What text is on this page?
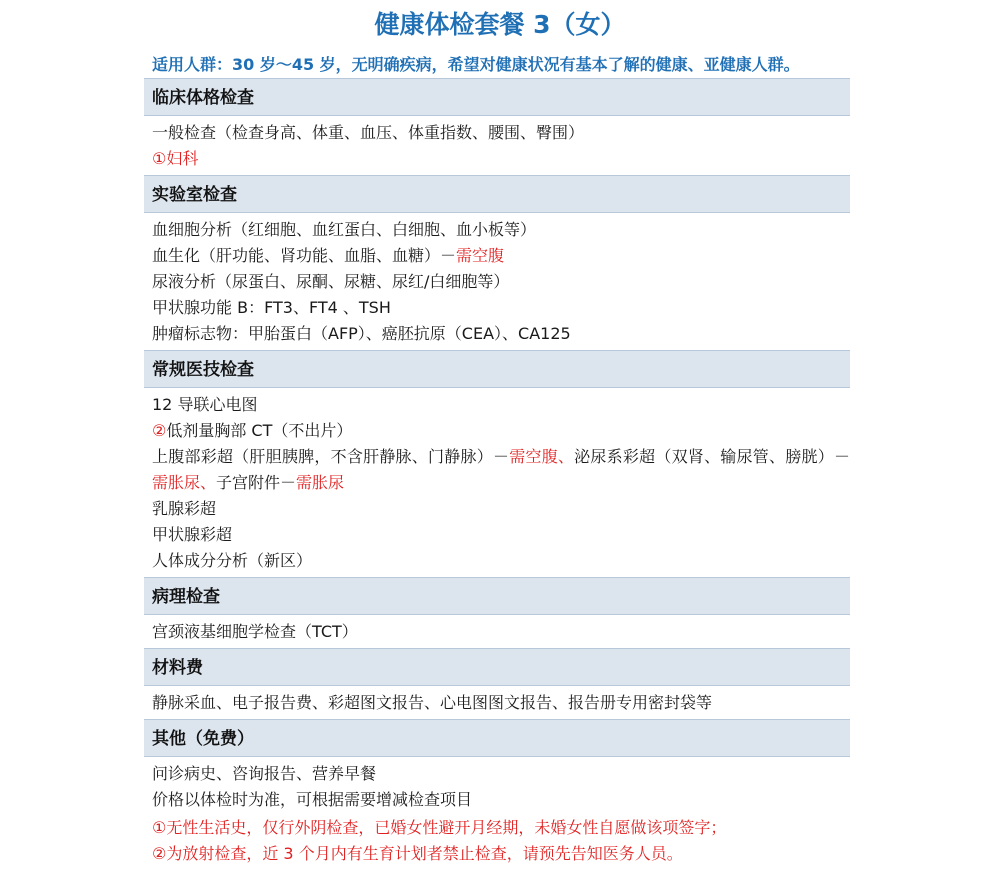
健康体检套餐 3（女）
适用人群：30 岁～45 岁，无明确疾病，希望对健康状况有基本了解的健康、亚健康人群。
临床体格检查
一般检查（检查身高、体重、血压、体重指数、腰围、臀围）
①妇科
实验室检查
血细胞分析（红细胞、血红蛋白、白细胞、血小板等）
血生化（肝功能、肾功能、血脂、血糖）－需空腹
尿液分析（尿蛋白、尿酮、尿糖、尿红/白细胞等）
甲状腺功能 B：FT3、FT4 、TSH
肿瘤标志物：甲胎蛋白（AFP）、癌胚抗原（CEA）、CA125
常规医技检查
12 导联心电图
②低剂量胸部 CT（不出片）
上腹部彩超（肝胆胰脾，不含肝静脉、门静脉）－需空腹、泌尿系彩超（双肾、输尿管、膀胱）－需胀尿、子宫附件－需胀尿
乳腺彩超
甲状腺彩超
人体成分分析（新区）
病理检查
宫颈液基细胞学检查（TCT）
材料费
静脉采血、电子报告费、彩超图文报告、心电图图文报告、报告册专用密封袋等
其他（免费）
问诊病史、咨询报告、营养早餐
价格以体检时为准，可根据需要增减检查项目
①无性生活史，仅行外阴检查，已婚女性避开月经期，未婚女性自愿做该项签字；
②为放射检查，近 3 个月内有生育计划者禁止检查，请预先告知医务人员。
